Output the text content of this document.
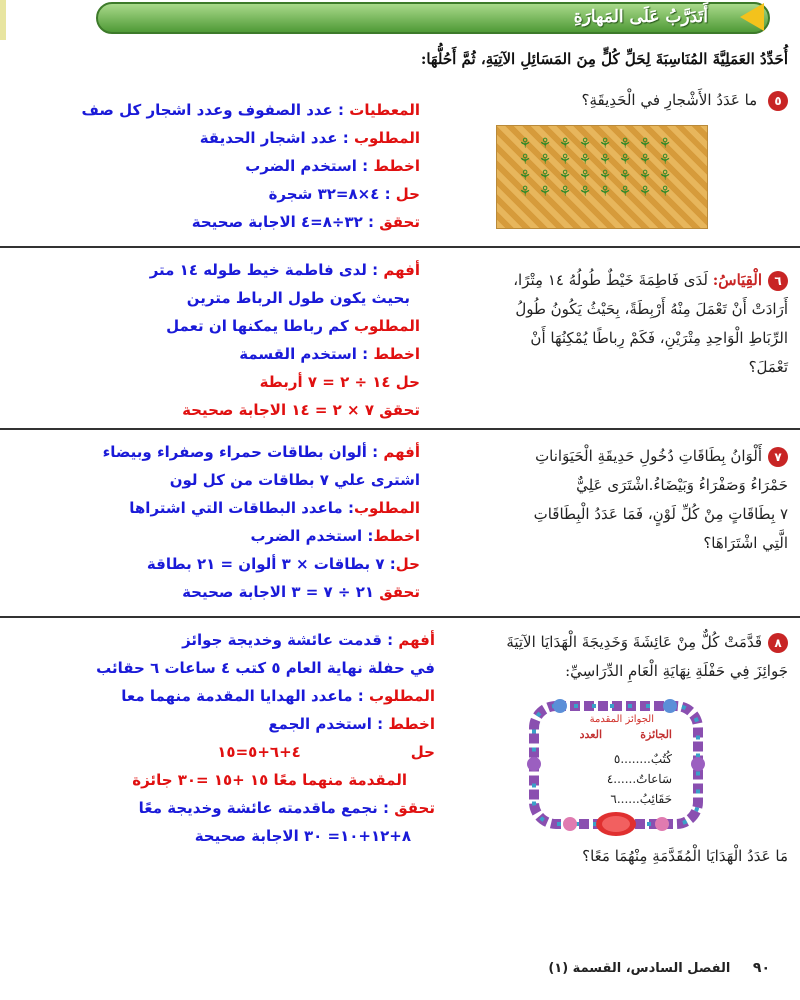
أَتَدَرَّبُ عَلَى المَهارَةِ
أُحَدِّدُ العَمَلِيَّةَ المُنَاسِبَةَ لِحَلِّ كُلٍّ مِنَ المَسَائِلِ الآتِيَةِ، ثُمَّ أَحُلُّهَا:
٥ ما عَدَدُ الأَشْجارِ في الْحَدِيقَةِ؟
⚘ ⚘ ⚘ ⚘ ⚘ ⚘ ⚘ ⚘
⚘ ⚘ ⚘ ⚘ ⚘ ⚘ ⚘ ⚘
⚘ ⚘ ⚘ ⚘ ⚘ ⚘ ⚘ ⚘
⚘ ⚘ ⚘ ⚘ ⚘ ⚘ ⚘ ⚘
المعطيات : عدد الصفوف وعدد اشجار كل صف
المطلوب : عدد اشجار الحديقة
اخطط : استخدم الضرب
حل : ٤×٨=٣٢ شجرة
تحقق : ٣٢÷٨=٤ الاجابة صحيحة
٦الْقِيَاسُ: لَدَى فَاطِمَةَ خَيْطٌ طُولُهُ ١٤ مِتْرًا،
أَرَادَتْ أَنْ تَعْمَلَ مِنْهُ أَرْبِطَةً، بِحَيْثُ يَكُونُ طُولُ
الرِّبَاطِ الْوَاحِدِ مِتْرَيْنِ، فَكَمْ رِباطًا يُمْكِنُهَا أَنْ
تَعْمَلَ؟
أفهم : لدى فاطمة خيط طوله ١٤ متر
بحيث يكون طول الرباط مترين
المطلوب كم رباطا يمكنها ان تعمل
اخطط : استخدم القسمة
حل ١٤ ÷ ٢ = ٧ أربطة
تحقق ٧ × ٢ = ١٤ الاجابة صحيحة
٧أَلْوَانُ بِطَاقَاتِ دُخُولِ حَدِيقَةِ الْحَيَوَاناتِ
حَمْرَاءُ وَصَفْرَاءُ وَبَيْضَاءُ.اشْتَرَى عَلِيٌّ
٧ بِطَاقَاتٍ مِنْ كُلِّ لَوْنٍ، فَمَا عَدَدُ الْبِطَاقَاتِ
الَّتِي اشْتَرَاهَا؟
أفهم : ألوان بطاقات حمراء وصفراء وبيضاء
اشترى علي ٧ بطاقات من كل لون
المطلوب: ماعدد البطاقات التي اشتراها
اخطط: استخدم الضرب
حل: ٧ بطاقات × ٣ ألوان = ٢١ بطاقة
تحقق ٢١ ÷ ٧ = ٣ الاجابة صحيحة
٨قَدَّمَتْ كُلٌّ مِنْ عَائِشَةَ وَخَدِيجَةَ الْهَدَايَا الآتِيَةَ
جَوائِزَ فِي حَفْلَةِ نِهَايَةِ الْعَامِ الدِّرَاسِيِّ:
الجوائز المقدمة
الجائزة
العدد
كُتُبٌ........٥
سَاعاتٌ......٤
حَقَائِبُ......٦
مَا عَدَدُ الْهَدَايَا الْمُقَدَّمَةِ مِنْهُمَا مَعًا؟
أفهم : قدمت عائشة وخديجة جوائز
في حفلة نهاية العام ٥ كتب ٤ ساعات ٦ حقائب
المطلوب : ماعدد الهدايا المقدمة منهما معا
اخطط : استخدم الجمع
حل٤+٦+٥=١٥
المقدمة منهما معًا ١٥ +١٥ =٣٠ جائزة
تحقق : نجمع ماقدمته عائشة وخديجة معًا
٨+١٢+١٠= ٣٠ الاجابة صحيحة
٩٠ الفصل السادس، القسمة (١)
